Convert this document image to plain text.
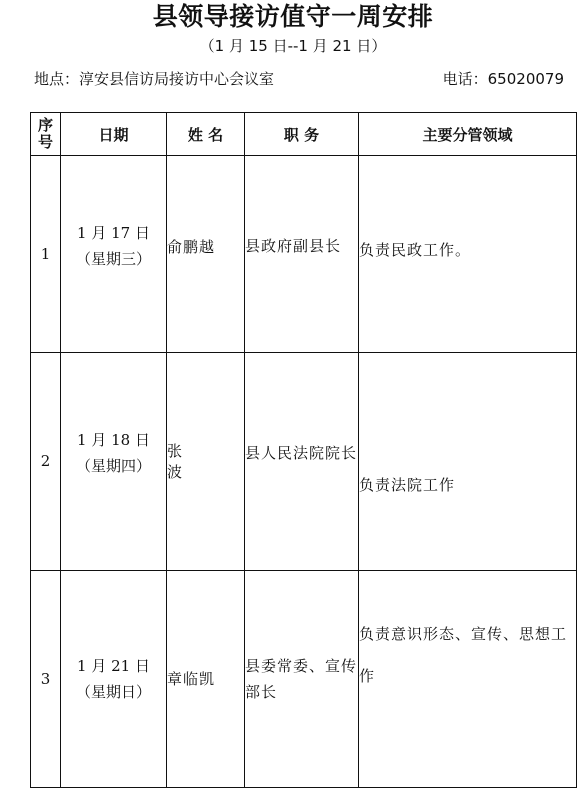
县领导接访值守一周安排
（1 月 15 日--1 月 21 日）
地点：淳安县信访局接访中心会议室	电话：65020079
序
号	日期	姓 名	职 务	主要分管领域
1	1 月 17 日
（星期三）	俞鹏越	县政府副县长	负责民政工作。

2	1 月 18 日
（星期四）	张波	县人民法院院长	负责法院工作

3	1 月 21 日
（星期日）	章临凯	县委常委、宣传部长	负责意识形态、宣传、思想工作
